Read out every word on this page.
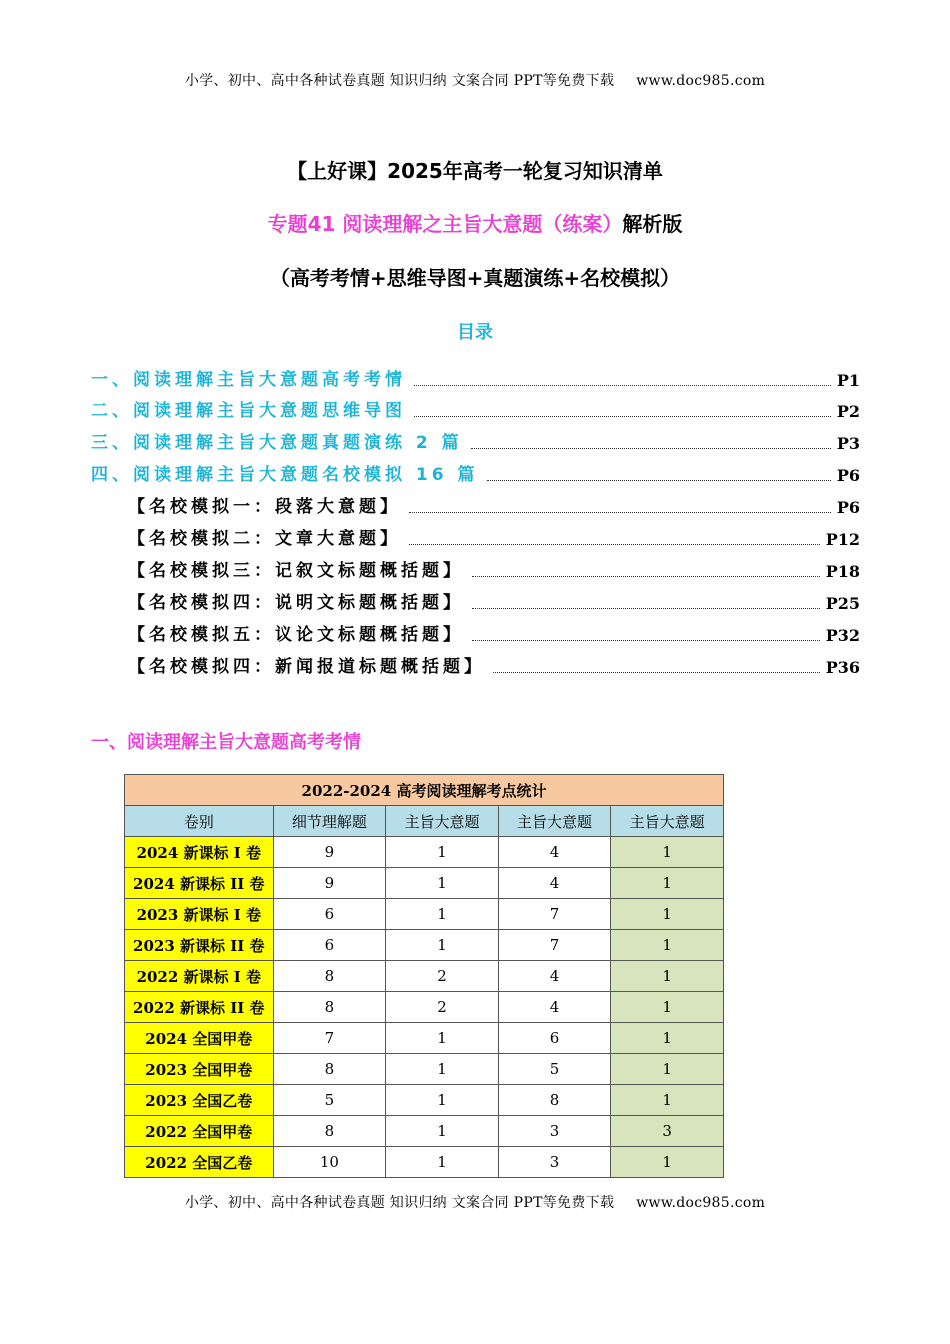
小学、初中、高中各种试卷真题 知识归纳 文案合同 PPT等免费下载 www.doc985.com
【上好课】2025年高考一轮复习知识清单
专题41 阅读理解之主旨大意题（练案）解析版
（高考考情+思维导图+真题演练+名校模拟）
目录
一、阅读理解主旨大意题高考考情	P1
二、阅读理解主旨大意题思维导图	P2
三、阅读理解主旨大意题真题演练 2 篇	P3
四、阅读理解主旨大意题名校模拟 16 篇	P6
【名校模拟一：段落大意题】	P6
【名校模拟二：文章大意题】	P12
【名校模拟三：记叙文标题概括题】	P18
【名校模拟四：说明文标题概括题】	P25
【名校模拟五：议论文标题概括题】	P32
【名校模拟四：新闻报道标题概括题】	P36
一、阅读理解主旨大意题高考考情
2022-2024 高考阅读理解考点统计				
卷别	细节理解题	主旨大意题	主旨大意题	主旨大意题
2024 新课标 I 卷	9	1	4	1
2024 新课标 II 卷	9	1	4	1
2023 新课标 I 卷	6	1	7	1
2023 新课标 II 卷	6	1	7	1
2022 新课标 I 卷	8	2	4	1
2022 新课标 II 卷	8	2	4	1
2024 全国甲卷	7	1	6	1
2023 全国甲卷	8	1	5	1
2023 全国乙卷	5	1	8	1
2022 全国甲卷	8	1	3	3
2022 全国乙卷	10	1	3	1
小学、初中、高中各种试卷真题 知识归纳 文案合同 PPT等免费下载 www.doc985.com
